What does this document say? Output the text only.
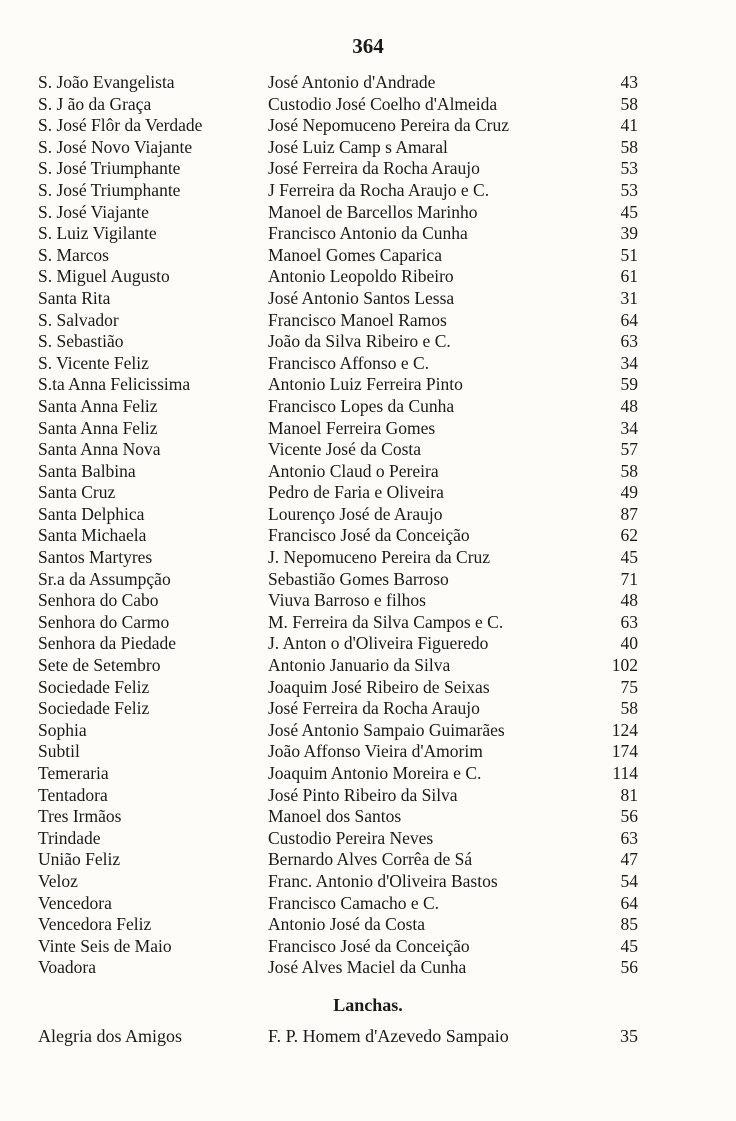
364
S. João Evangelista	José Antonio d'Andrade	43
S. J ão da Graça	Custodio José Coelho d'Almeida	58
S. José Flôr da Verdade	José Nepomuceno Pereira da Cruz	41
S. José Novo Viajante	José Luiz Camp s Amaral	58
S. José Triumphante	José Ferreira da Rocha Araujo	53
S. José Triumphante	J Ferreira da Rocha Araujo e C.	53
S. José Viajante	Manoel de Barcellos Marinho	45
S. Luiz Vigilante	Francisco Antonio da Cunha	39
S. Marcos	Manoel Gomes Caparica	51
S. Miguel Augusto	Antonio Leopoldo Ribeiro	61
Santa Rita	José Antonio Santos Lessa	31
S. Salvador	Francisco Manoel Ramos	64
S. Sebastião	João da Silva Ribeiro e C.	63
S. Vicente Feliz	Francisco Affonso e C.	34
S.ta Anna Felicissima	Antonio Luiz Ferreira Pinto	59
Santa Anna Feliz	Francisco Lopes da Cunha	48
Santa Anna Feliz	Manoel Ferreira Gomes	34
Santa Anna Nova	Vicente José da Costa	57
Santa Balbina	Antonio Claud o Pereira	58
Santa Cruz	Pedro de Faria e Oliveira	49
Santa Delphica	Lourenço José de Araujo	87
Santa Michaela	Francisco José da Conceição	62
Santos Martyres	J. Nepomuceno Pereira da Cruz	45
Sr.a da Assumpção	Sebastião Gomes Barroso	71
Senhora do Cabo	Viuva Barroso e filhos	48
Senhora do Carmo	M. Ferreira da Silva Campos e C.	63
Senhora da Piedade	J. Anton o d'Oliveira Figueredo	40
Sete de Setembro	Antonio Januario da Silva	102
Sociedade Feliz	Joaquim José Ribeiro de Seixas	75
Sociedade Feliz	José Ferreira da Rocha Araujo	58
Sophia	José Antonio Sampaio Guimarães	124
Subtil	João Affonso Vieira d'Amorim	174
Temeraria	Joaquim Antonio Moreira e C.	114
Tentadora	José Pinto Ribeiro da Silva	81
Tres Irmãos	Manoel dos Santos	56
Trindade	Custodio Pereira Neves	63
União Feliz	Bernardo Alves Corrêa de Sá	47
Veloz	Franc. Antonio d'Oliveira Bastos	54
Vencedora	Francisco Camacho e C.	64
Vencedora Feliz	Antonio José da Costa	85
Vinte Seis de Maio	Francisco José da Conceição	45
Voadora	José Alves Maciel da Cunha	56
Lanchas.
Alegria dos Amigos	F. P. Homem d'Azevedo Sampaio	35
